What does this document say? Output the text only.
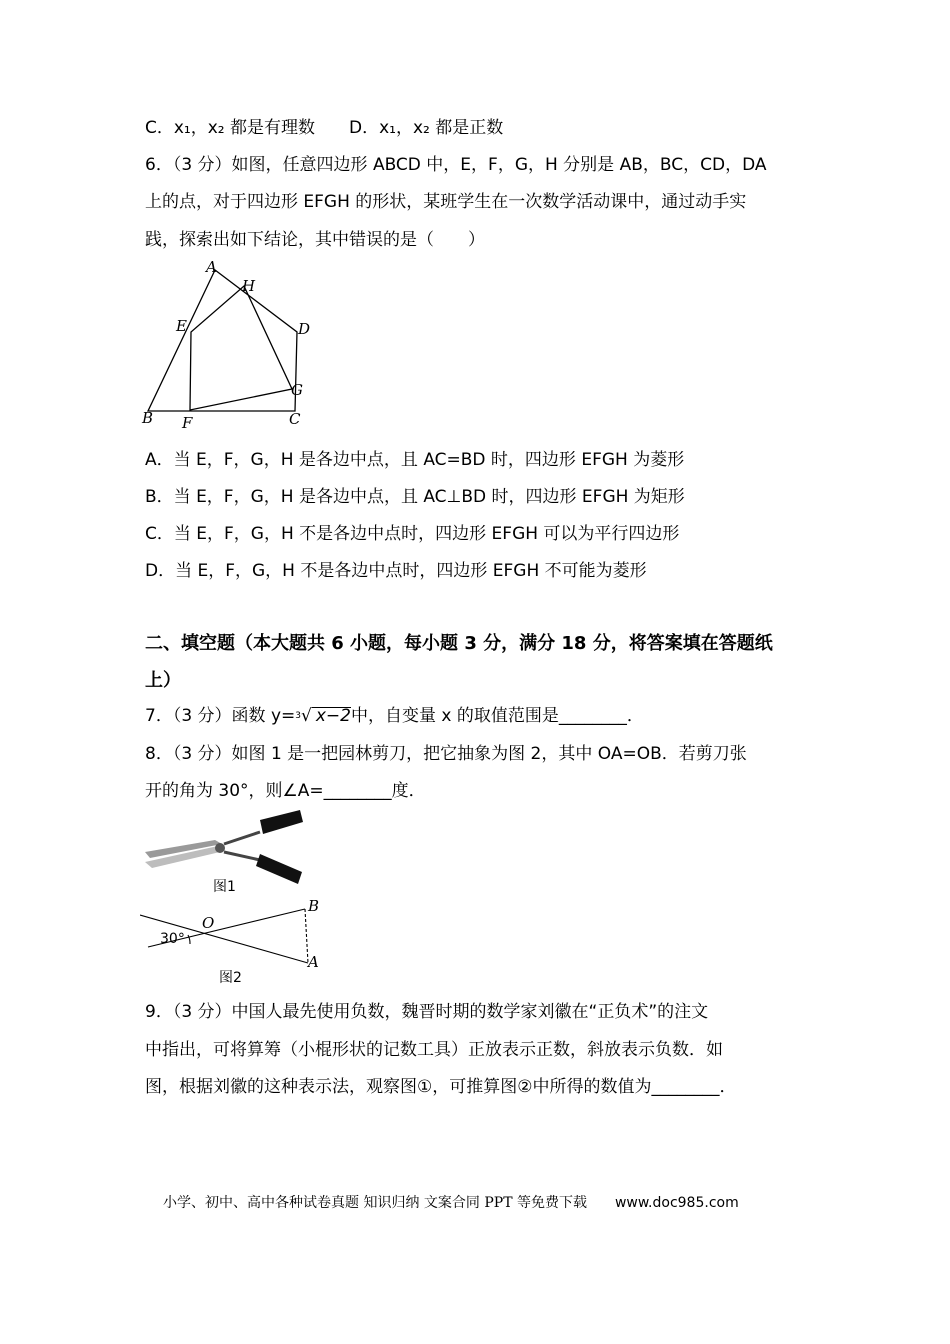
C．x₁，x₂ 都是有理数　　D．x₁，x₂ 都是正数
6．（3 分）如图，任意四边形 ABCD 中，E，F，G，H 分别是 AB，BC，CD，DA
上的点，对于四边形 EFGH 的形状，某班学生在一次数学活动课中，通过动手实
践，探索出如下结论，其中错误的是（　　）
A
H
E	D
G
B F	C
A．当 E，F，G，H 是各边中点，且 AC=BD 时，四边形 EFGH 为菱形
B．当 E，F，G，H 是各边中点，且 AC⊥BD 时，四边形 EFGH 为矩形
C．当 E，F，G，H 不是各边中点时，四边形 EFGH 可以为平行四边形
D．当 E，F，G，H 不是各边中点时，四边形 EFGH 不可能为菱形
二、填空题（本大题共 6 小题，每小题 3 分，满分 18 分，将答案填在答题纸
上）
7．（3 分）函数 y=$^3$√ x−2中，自变量 x 的取值范围是________．
8．（3 分）如图 1 是一把园林剪刀，把它抽象为图 2，其中 OA=OB．若剪刀张
开的角为 30°，则∠A=________度．
图1
O
B
A
30°
图2
9．（3 分）中国人最先使用负数，魏晋时期的数学家刘徽在“正负术”的注文
中指出，可将算筹（小棍形状的记数工具）正放表示正数，斜放表示负数．如
图，根据刘徽的这种表示法，观察图①，可推算图②中所得的数值为________．
小学、初中、高中各种试卷真题 知识归纳 文案合同 PPT 等免费下载 www.doc985.com
